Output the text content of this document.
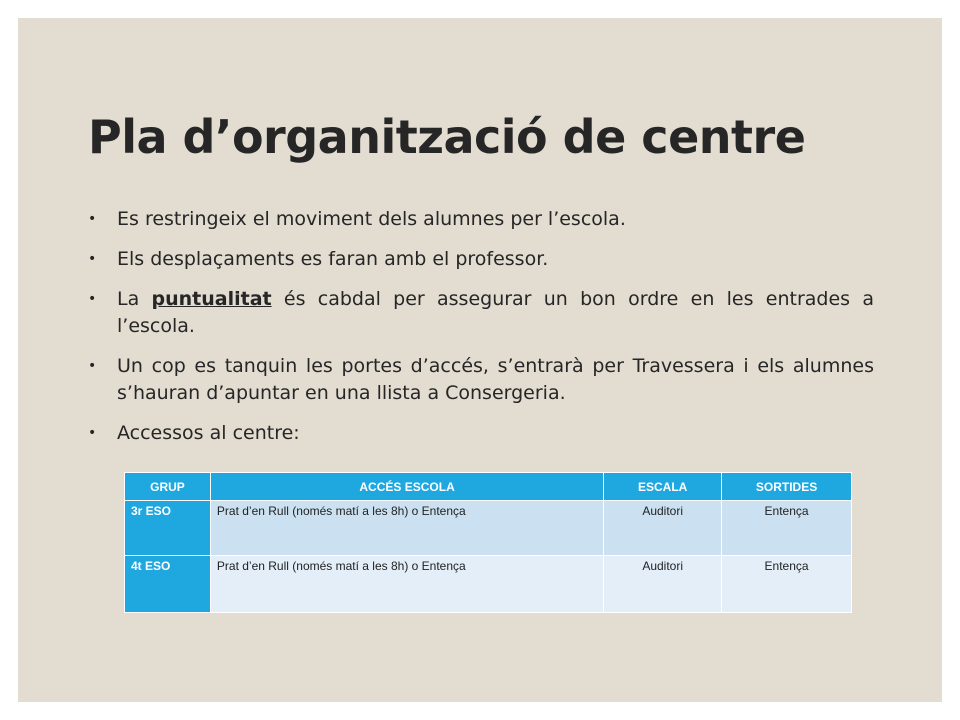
Pla d’organització de centre
• Es restringeix el moviment dels alumnes per l’escola.
• Els desplaçaments es faran amb el professor.
• La puntualitat és cabdal per assegurar un bon ordre en les entrades a l’escola.
• Un cop es tanquin les portes d’accés, s’entrarà per Travessera i els alumnes s’hauran d’apuntar en una llista a Consergeria.
• Accessos al centre:
GRUP	ACCÉS ESCOLA	ESCALA	SORTIDES
3r ESO	Prat d’en Rull (només matí a les 8h) o Entença	Auditori	Entença
4t ESO	Prat d’en Rull (només matí a les 8h) o Entença	Auditori	Entença
